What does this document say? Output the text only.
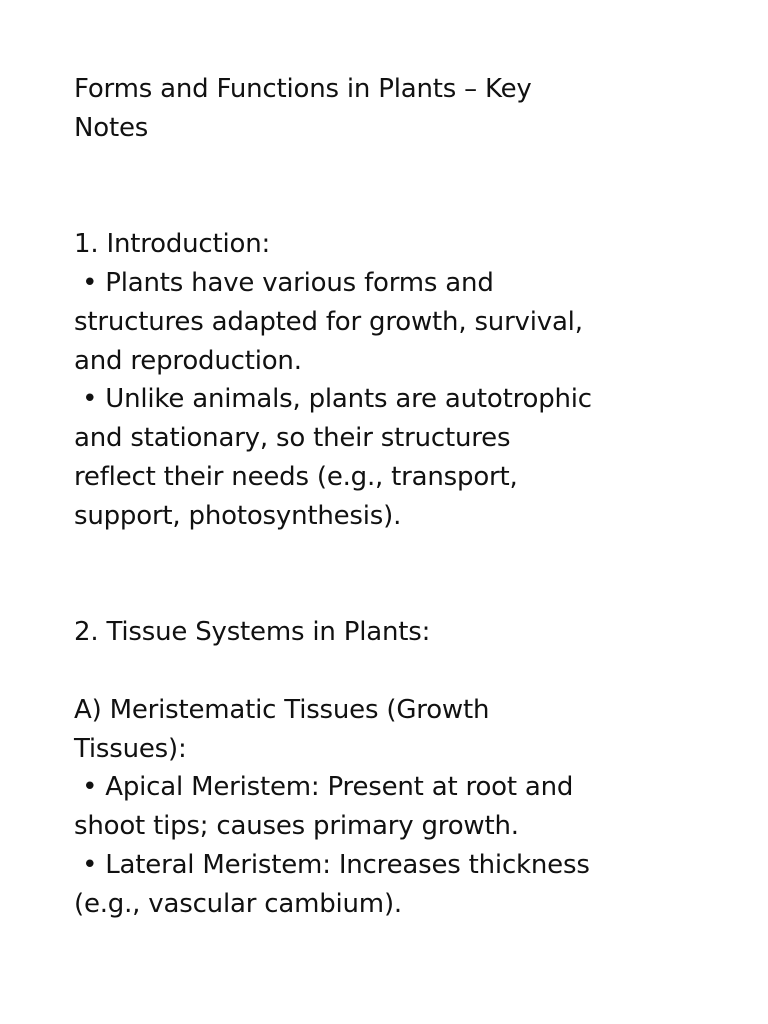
Forms and Functions in Plants – Key
Notes
1. Introduction:
• Plants have various forms and
structures adapted for growth, survival,
and reproduction.
• Unlike animals, plants are autotrophic
and stationary, so their structures
reflect their needs (e.g., transport,
support, photosynthesis).
2. Tissue Systems in Plants:
A) Meristematic Tissues (Growth
Tissues):
• Apical Meristem: Present at root and
shoot tips; causes primary growth.
• Lateral Meristem: Increases thickness
(e.g., vascular cambium).
